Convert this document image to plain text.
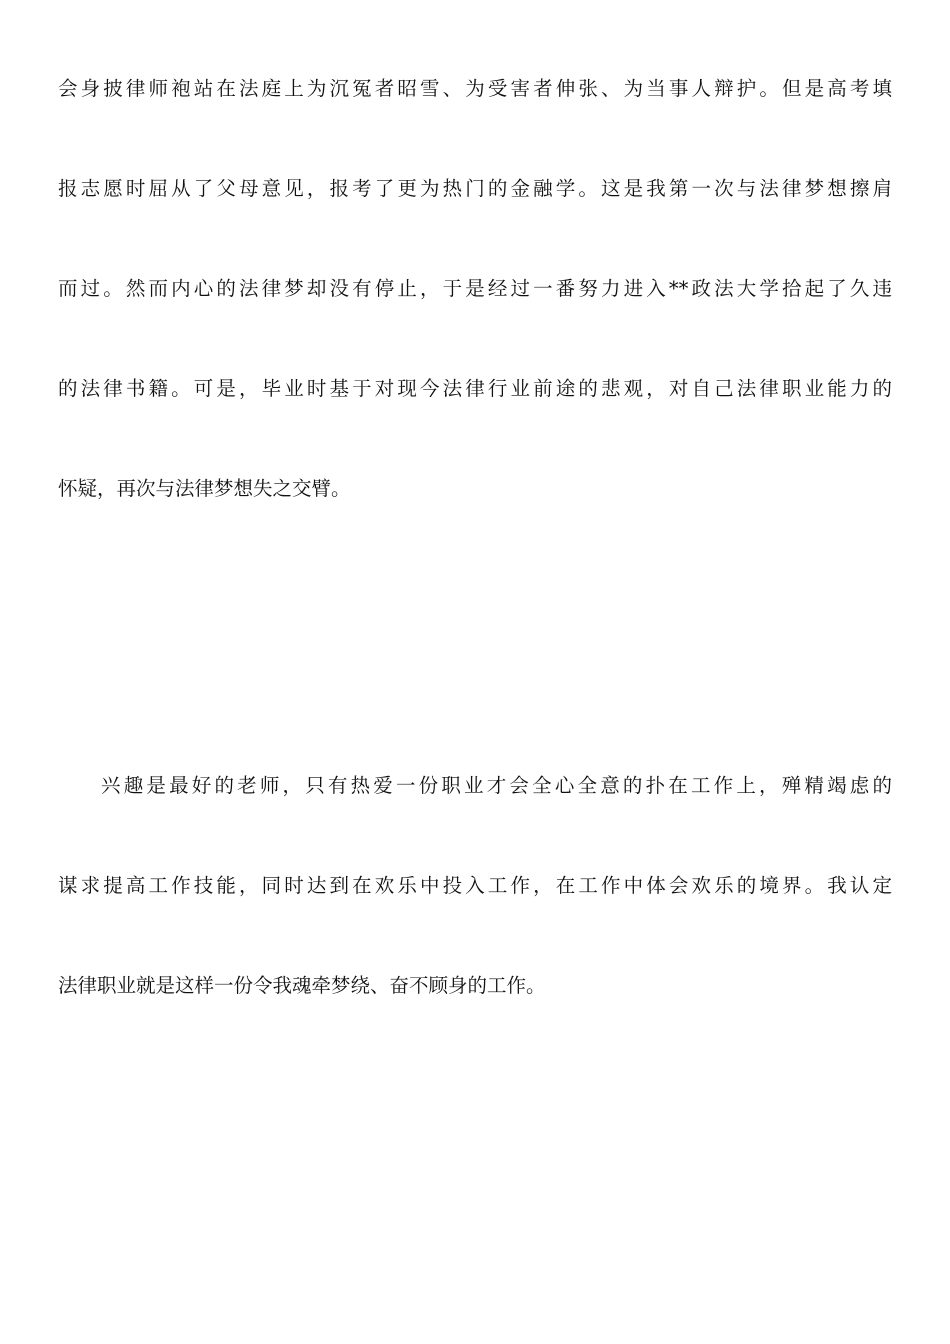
会身披律师袍站在法庭上为沉冤者昭雪、为受害者伸张、为当事人辩护。但是高考填
报志愿时屈从了父母意见，报考了更为热门的金融学。这是我第一次与法律梦想擦肩
而过。然而内心的法律梦却没有停止，于是经过一番努力进入**政法大学拾起了久违
的法律书籍。可是，毕业时基于对现今法律行业前途的悲观，对自己法律职业能力的
怀疑，再次与法律梦想失之交臂。
兴趣是最好的老师，只有热爱一份职业才会全心全意的扑在工作上，殚精竭虑的
谋求提高工作技能，同时达到在欢乐中投入工作，在工作中体会欢乐的境界。我认定
法律职业就是这样一份令我魂牵梦绕、奋不顾身的工作。
